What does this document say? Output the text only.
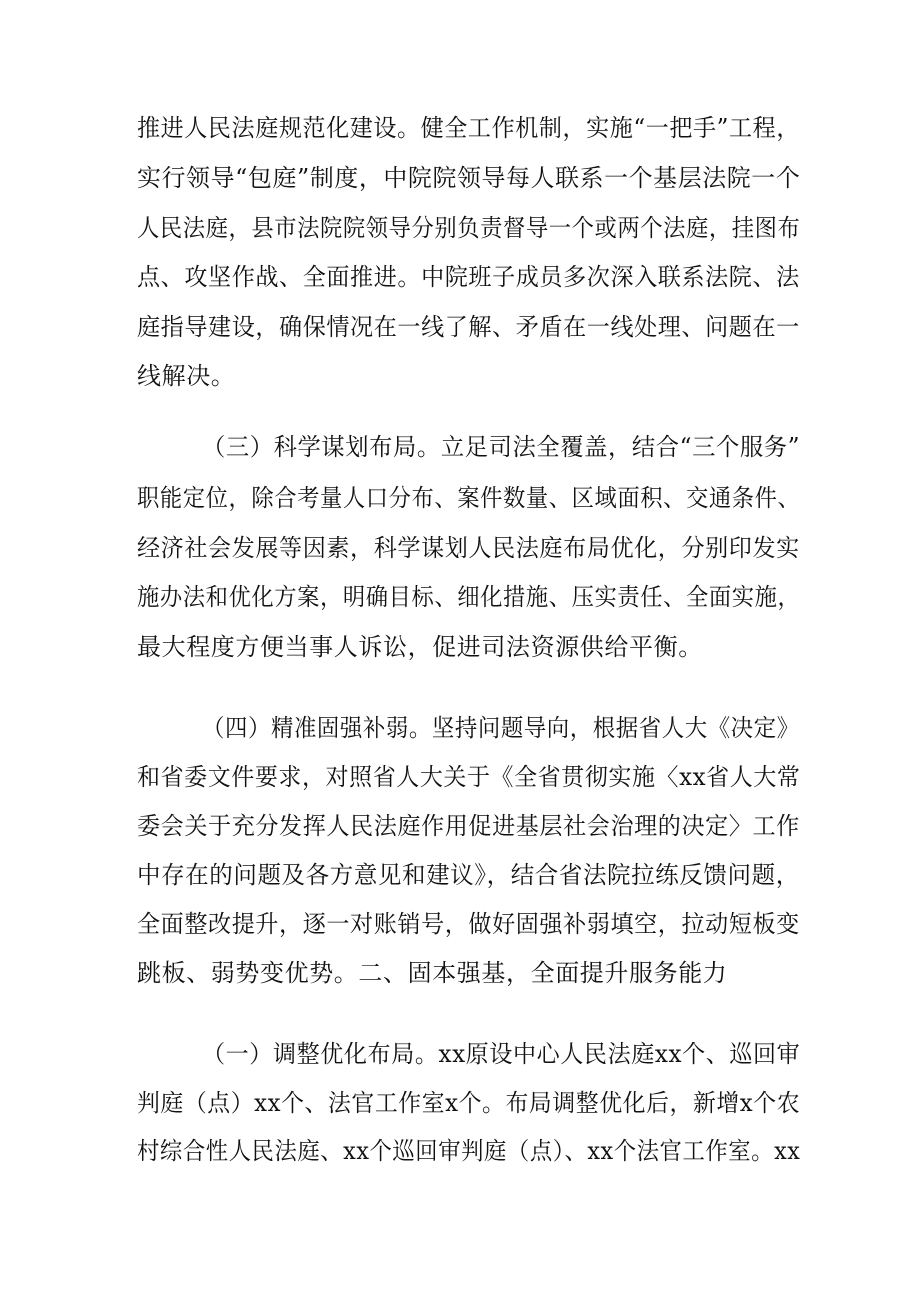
推进人民法庭规范化建设。健全工作机制，实施“一把手”工程，
实行领导“包庭”制度，中院院领导每人联系一个基层法院一个
人民法庭，县市法院院领导分别负责督导一个或两个法庭，挂图布
点、攻坚作战、全面推进。中院班子成员多次深入联系法院、法
庭指导建设，确保情况在一线了解、矛盾在一线处理、问题在一
线解决。
（三）科学谋划布局。立足司法全覆盖，结合“三个服务”
职能定位，除合考量人口分布、案件数量、区域面积、交通条件、
经济社会发展等因素，科学谋划人民法庭布局优化，分别印发实
施办法和优化方案，明确目标、细化措施、压实责任、全面实施，
最大程度方便当事人诉讼，促进司法资源供给平衡。
（四）精准固强补弱。坚持问题导向，根据省人大《决定》
和省委文件要求，对照省人大关于《全省贯彻实施〈xx省人大常
委会关于充分发挥人民法庭作用促进基层社会治理的决定〉工作
中存在的问题及各方意见和建议》，结合省法院拉练反馈问题，
全面整改提升，逐一对账销号，做好固强补弱填空，拉动短板变
跳板、弱势变优势。二、固本强基，全面提升服务能力
（一）调整优化布局。xx原设中心人民法庭xx个、巡回审
判庭（点）xx个、法官工作室x个。布局调整优化后，新增x个农
村综合性人民法庭、xx个巡回审判庭（点）、xx个法官工作室。xx
